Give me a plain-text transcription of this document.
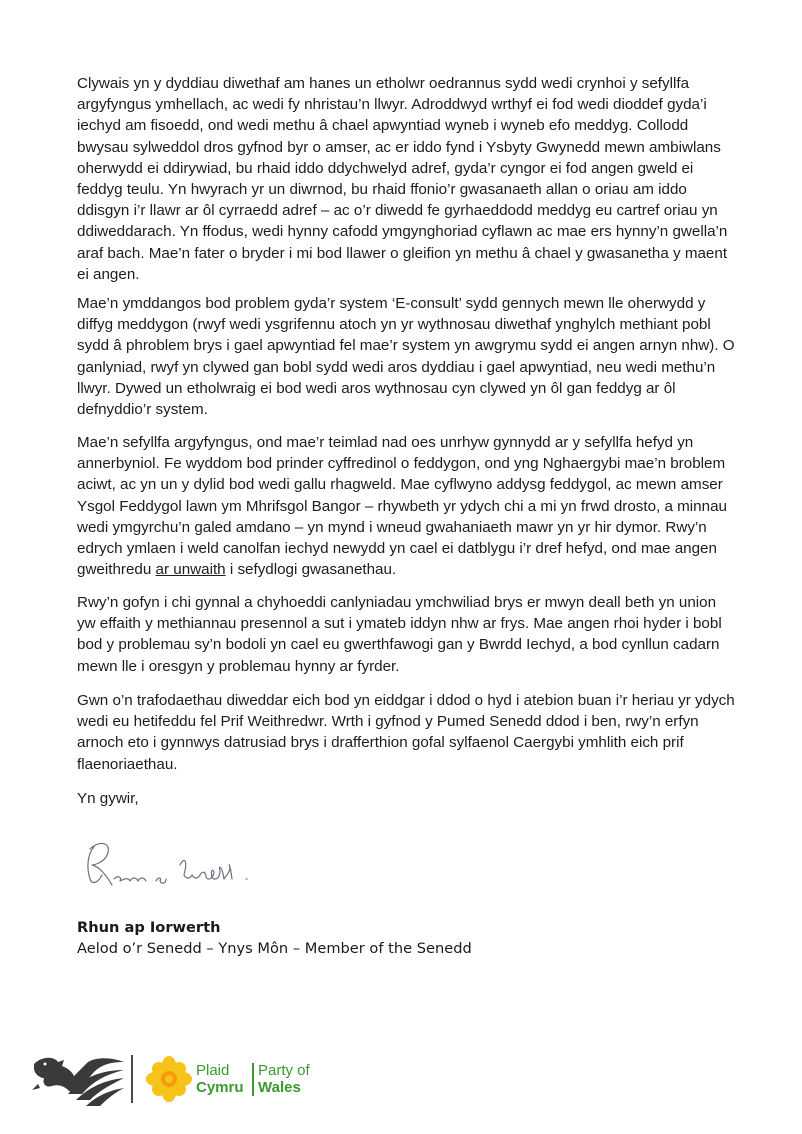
Clywais yn y dyddiau diwethaf am hanes un etholwr oedrannus sydd wedi crynhoi y sefyllfa argyfyngus ymhellach, ac wedi fy nhristau’n llwyr. Adroddwyd wrthyf ei fod wedi dioddef gyda’i iechyd am fisoedd, ond wedi methu â chael apwyntiad wyneb i wyneb efo meddyg. Collodd bwysau sylweddol dros gyfnod byr o amser, ac er iddo fynd i Ysbyty Gwynedd mewn ambiwlans oherwydd ei ddirywiad, bu rhaid iddo ddychwelyd adref, gyda’r cyngor ei fod angen gweld ei feddyg teulu. Yn hwyrach yr un diwrnod, bu rhaid ffonio’r gwasanaeth allan o oriau am iddo ddisgyn i’r llawr ar ôl cyrraedd adref – ac o’r diwedd fe gyrhaeddodd meddyg eu cartref oriau yn ddiweddarach. Yn ffodus, wedi hynny cafodd ymgynghoriad cyflawn ac mae ers hynny’n gwella’n araf bach. Mae’n fater o bryder i mi bod llawer o gleifion yn methu â chael y gwasanetha y maent ei angen.

Mae’n ymddangos bod problem gyda’r system ‘E-consult’ sydd gennych mewn lle oherwydd y diffyg meddygon (rwyf wedi ysgrifennu atoch yn yr wythnosau diwethaf ynghylch methiant pobl sydd â phroblem brys i gael apwyntiad fel mae’r system yn awgrymu sydd ei angen arnyn nhw). O ganlyniad, rwyf yn clywed gan bobl sydd wedi aros dyddiau i gael apwyntiad, neu wedi methu’n llwyr. Dywed un etholwraig ei bod wedi aros wythnosau cyn clywed yn ôl gan feddyg ar ôl defnyddio’r system.

Mae’n sefyllfa argyfyngus, ond mae’r teimlad nad oes unrhyw gynnydd ar y sefyllfa hefyd yn annerbyniol. Fe wyddom bod prinder cyffredinol o feddygon, ond yng Nghaergybi mae’n broblem aciwt, ac yn un y dylid bod wedi gallu rhagweld. Mae cyflwyno addysg feddygol, ac mewn amser Ysgol Feddygol lawn ym Mhrifsgol Bangor – rhywbeth yr ydych chi a mi yn frwd drosto, a minnau wedi ymgyrchu’n galed amdano – yn mynd i wneud gwahaniaeth mawr yn yr hir dymor. Rwy’n edrych ymlaen i weld canolfan iechyd newydd yn cael ei datblygu i’r dref hefyd, ond mae angen gweithredu ar unwaith i sefydlogi gwasanethau.

Rwy’n gofyn i chi gynnal a chyhoeddi canlyniadau ymchwiliad brys er mwyn deall beth yn union yw effaith y methiannau presennol a sut i ymateb iddyn nhw ar frys. Mae angen rhoi hyder i bobl bod y problemau sy’n bodoli yn cael eu gwerthfawogi gan y Bwrdd Iechyd, a bod cynllun cadarn mewn lle i oresgyn y problemau hynny ar fyrder.

Gwn o’n trafodaethau diweddar eich bod yn eiddgar i ddod o hyd i atebion buan i’r heriau yr ydych wedi eu hetifeddu fel Prif Weithredwr. Wrth i gyfnod y Pumed Senedd ddod i ben, rwy’n erfyn arnoch eto i gynnwys datrusiad brys i drafferthion gofal sylfaenol Caergybi ymhlith eich prif flaenoriaethau.

Yn gywir,

Rhun ap Iorwerth

Aelod o’r Senedd – Ynys Môn – Member of the Senedd

Plaid
Cymru

Party of
Wales
